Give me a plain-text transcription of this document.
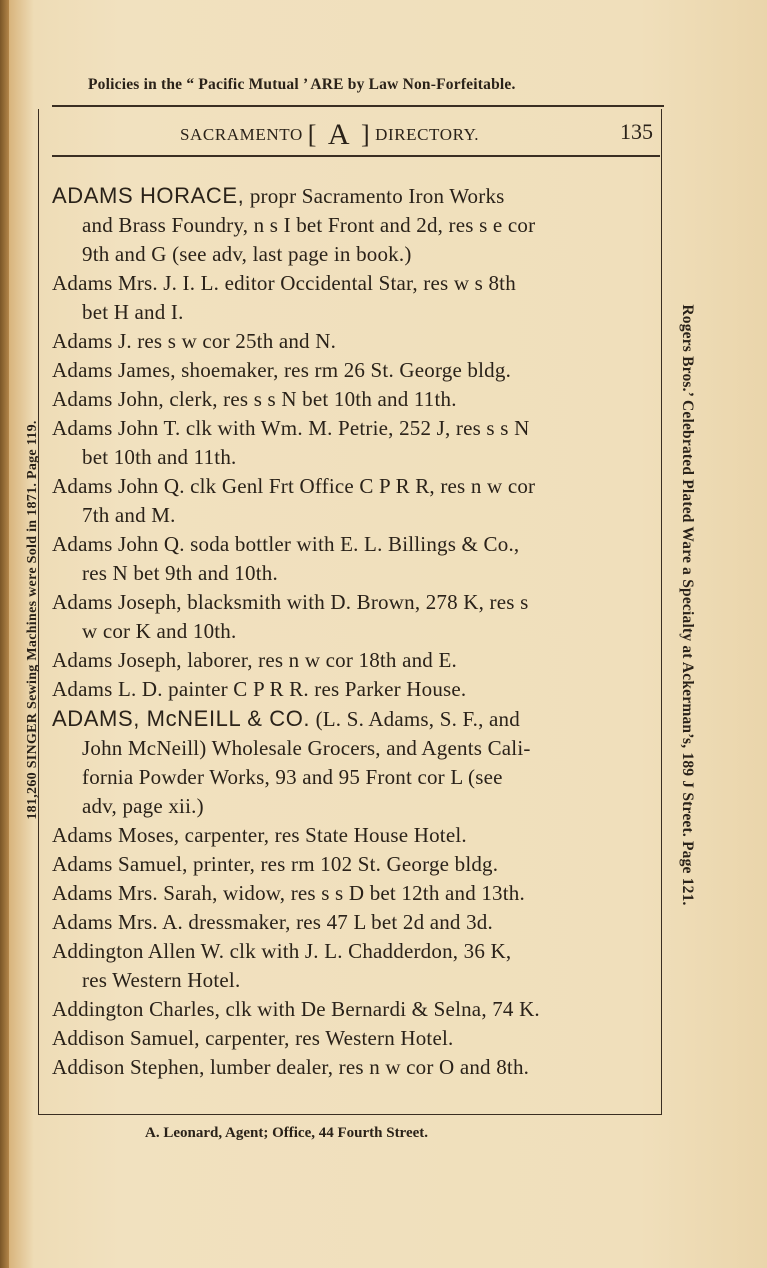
Policies in the “ Pacific Mutual ’ ARE by Law Non-Forfeitable.
SACRAMENTO [ A ] DIRECTORY.	135
ADAMS HORACE, propr Sacramento Iron Works
and Brass Foundry, n s I bet Front and 2d, res s e cor
9th and G (see adv, last page in book.)
Adams Mrs. J. I. L. editor Occidental Star, res w s 8th
bet H and I.
Adams J. res s w cor 25th and N.
Adams James, shoemaker, res rm 26 St. George bldg.
Adams John, clerk, res s s N bet 10th and 11th.
Adams John T. clk with Wm. M. Petrie, 252 J, res s s N
bet 10th and 11th.
Adams John Q. clk Genl Frt Office C P R R, res n w cor
7th and M.
Adams John Q. soda bottler with E. L. Billings & Co.,
res N bet 9th and 10th.
Adams Joseph, blacksmith with D. Brown, 278 K, res s
w cor K and 10th.
Adams Joseph, laborer, res n w cor 18th and E.
Adams L. D. painter C P R R. res Parker House.
ADAMS, McNEILL & CO. (L. S. Adams, S. F., and
John McNeill) Wholesale Grocers, and Agents Cali-
fornia Powder Works, 93 and 95 Front cor L (see
adv, page xii.)
Adams Moses, carpenter, res State House Hotel.
Adams Samuel, printer, res rm 102 St. George bldg.
Adams Mrs. Sarah, widow, res s s D bet 12th and 13th.
Adams Mrs. A. dressmaker, res 47 L bet 2d and 3d.
Addington Allen W. clk with J. L. Chadderdon, 36 K,
res Western Hotel.
Addington Charles, clk with De Bernardi & Selna, 74 K.
Addison Samuel, carpenter, res Western Hotel.
Addison Stephen, lumber dealer, res n w cor O and 8th.
181,260 SINGER Sewing Machines were Sold in 1871. Page 119.	Rogers Bros.’ Celebrated Plated Ware a Specialty at Ackerman’s, 189 J Street. Page 121.
A. Leonard, Agent; Office, 44 Fourth Street.
